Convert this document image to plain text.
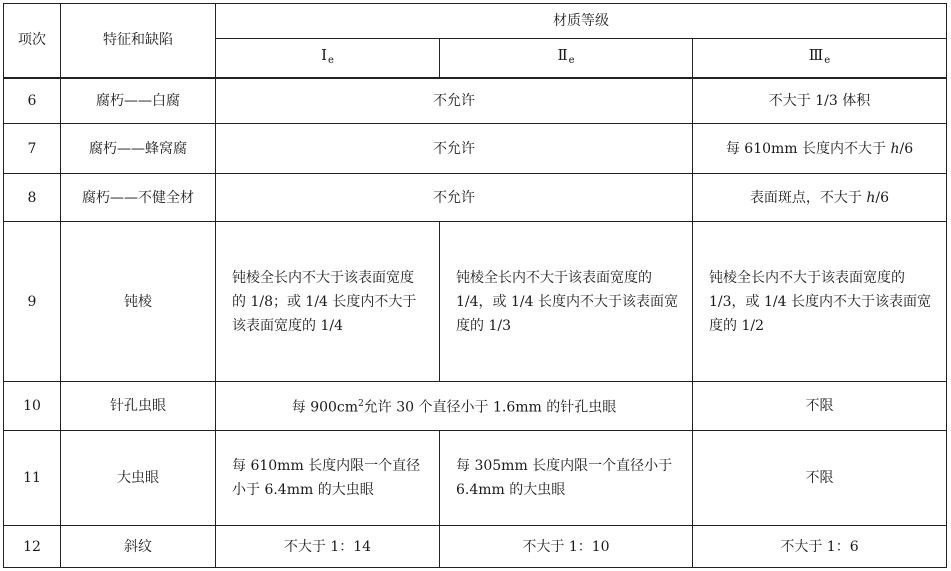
项次	特征和缺陷	材质等级		
		$Ⅰ_e$	$Ⅱ_e$	$Ⅲ_e$
6	腐朽——白腐	不允许		不大于 1/3 体积
7	腐朽——蜂窝腐	不允许		每 610mm 长度内不大于 h/6
8	腐朽——不健全材	不允许		表面斑点，不大于 h/6
9	钝棱	钝棱全长内不大于该表面宽度的 1/8；或 1/4 长度内不大于该表面宽度的 1/4	钝棱全长内不大于该表面宽度的 1/4，或 1/4 长度内不大于该表面宽度的 1/3	钝棱全长内不大于该表面宽度的 1/3，或 1/4 长度内不大于该表面宽度的 1/2
10	针孔虫眼	每 $900cm^2$允许 30 个直径小于 1.6mm 的针孔虫眼		不限
11	大虫眼	每 610mm 长度内限一个直径小于 6.4mm 的大虫眼	每 305mm 长度内限一个直径小于 6.4mm 的大虫眼	不限
12	斜纹	不大于 1：14	不大于 1：10	不大于 1：6
